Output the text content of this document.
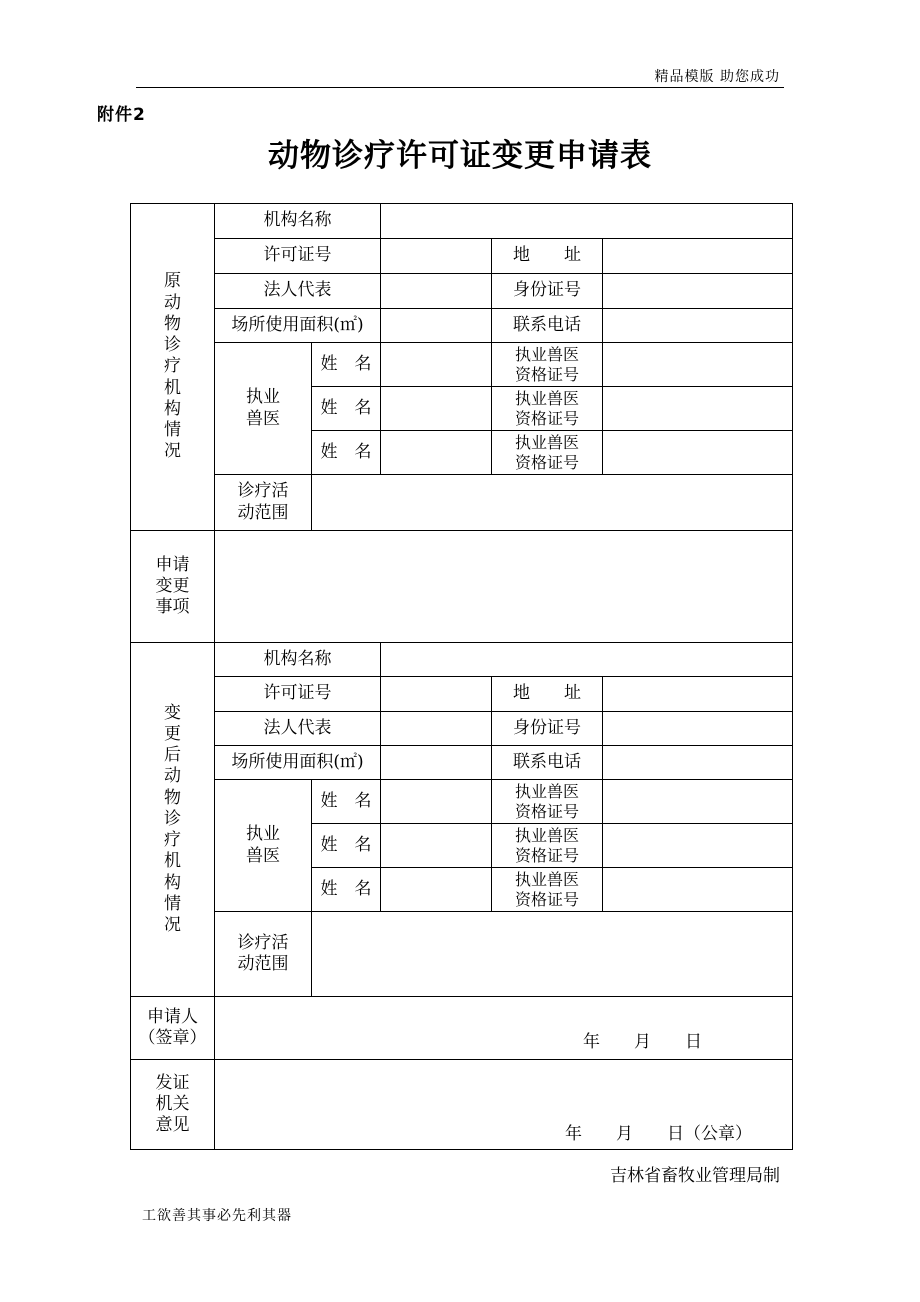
精品模版 助您成功
附件2
动物诊疗许可证变更申请表
原动物诊疗机构情况	机构名称				
	许可证号			地　　址	
	法人代表			身份证号	
	场所使用面积(㎡)			联系电话	

	执业兽医	姓　名		执业兽医资格证号	

		姓　名		执业兽医资格证号	

		姓　名		执业兽医资格证号	

	诊疗活动范围				

申请变更事项					

变更后动物诊疗机构情况	机构名称				
	许可证号			地　　址	
	法人代表			身份证号	
	场所使用面积(㎡)			联系电话	

	执业兽医	姓　名		执业兽医资格证号	

		姓　名		执业兽医资格证号	

		姓　名		执业兽医资格证号	

	诊疗活动范围				

申请人（签章）	年　　月　　日				

发证机关意见	年　　月　　日（公章）				
吉林省畜牧业管理局制
工欲善其事必先利其器
